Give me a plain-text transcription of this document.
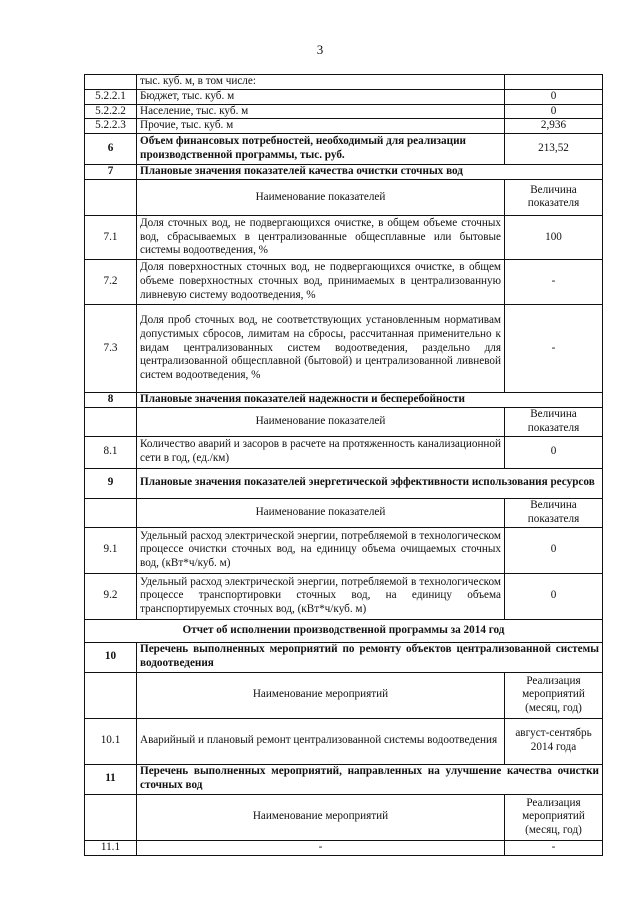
3
	тыс. куб. м, в том числе:	
5.2.2.1	Бюджет, тыс. куб. м	0
5.2.2.2	Население, тыс. куб. м	0
5.2.2.3	Прочие, тыс. куб. м	2,936
6	Объем финансовых потребностей, необходимый для реализации производственной программы, тыс. руб.	213,52
7	Плановые значения показателей качества очистки сточных вод	
	Наименование показателей	Величина показателя
7.1	Доля сточных вод, не подвергающихся очистке, в общем объеме сточных вод, сбрасываемых в централизованные общесплавные или бытовые системы водоотведения, %	100
7.2	Доля поверхностных сточных вод, не подвергающихся очистке, в общем объеме поверхностных сточных вод, принимаемых в централизованную ливневую систему водоотведения, %	-
7.3	Доля проб сточных вод, не соответствующих установленным нормативам допустимых сбросов, лимитам на сбросы, рассчитанная применительно к видам централизованных систем водоотведения, раздельно для централизованной общесплавной (бытовой) и централизованной ливневой систем водоотведения, %	-
8	Плановые значения показателей надежности и бесперебойности	
	Наименование показателей	Величина показателя
8.1	Количество аварий и засоров в расчете на протяженность канализационной сети в год, (ед./км)	0
9	Плановые значения показателей энергетической эффективности использования ресурсов	
	Наименование показателей	Величина показателя
9.1	Удельный расход электрической энергии, потребляемой в технологическом процессе очистки сточных вод, на единицу объема очищаемых сточных вод, (кВт*ч/куб. м)	0
9.2	Удельный расход электрической энергии, потребляемой в технологическом процессе транспортировки сточных вод, на единицу объема транспортируемых сточных вод, (кВт*ч/куб. м)	0
Отчет об исполнении производственной программы за 2014 год		
10	Перечень выполненных мероприятий по ремонту объектов централизованной системы водоотведения	
	Наименование мероприятий	Реализация мероприятий (месяц, год)
10.1	Аварийный и плановый ремонт централизованной системы водоотведения	август-сентябрь 2014 года
11	Перечень выполненных мероприятий, направленных на улучшение качества очистки сточных вод	
	Наименование мероприятий	Реализация мероприятий (месяц, год)
11.1	-	-
